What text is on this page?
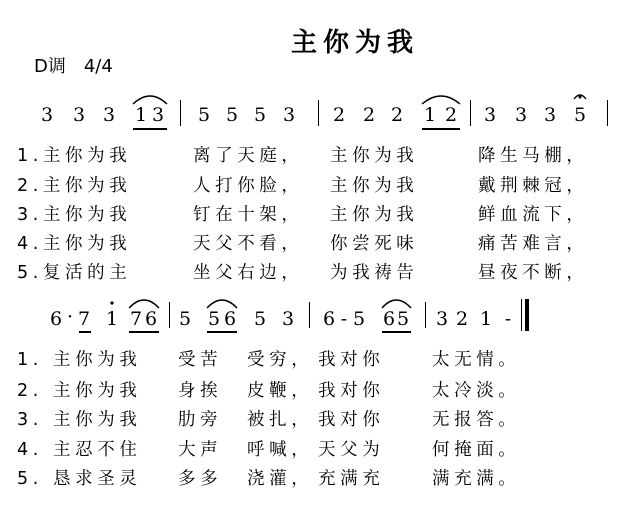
主你为我
D调　4/4
3 3 3 1 3 5 5 5 3 2 2 2 1 2 3 3 3 5
1.主你为我	离了天庭， 主你为我	降生马棚，
2.主你为我	人打你脸， 主你为我	戴荆棘冠，
3.主你为我	钉在十架， 主你为我	鲜血流下，
4.主你为我	天父不看， 你尝死味	痛苦难言，
5.复活的主	坐父右边， 为我祷告	昼夜不断，
6 · 7 1 7 6 5 5 6 5 3 6 - 5 6 5 3 2 1 -
1. 主你为我 受苦 受穷， 我对你	太无情。
2. 主你为我 身挨 皮鞭， 我对你	太冷淡。
3. 主你为我 肋旁 被扎， 我对你	无报答。
4. 主忍不住 大声 呼喊， 天父为	何掩面。
5. 恳求圣灵 多多 浇灌， 充满充	满充满。
